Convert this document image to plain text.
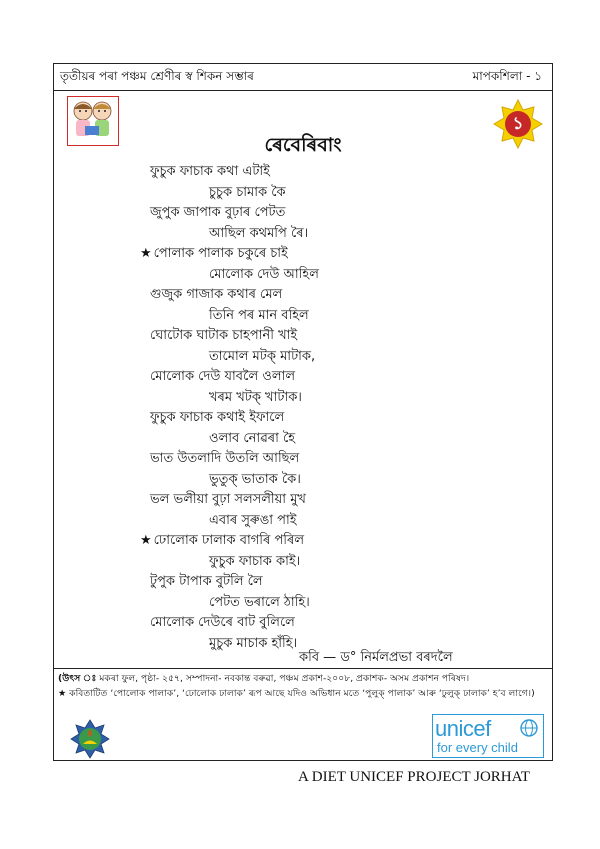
তৃতীয়ৰ পৰা পঞ্চম শ্ৰেণীৰ স্ব শিকন সম্ভাৰ	মাপকশিলা - ১
১
ৰেবেৰিবাং
ফুচুক ফাচাক কথা এটাই
চুচুক চামাক কৈ
জুপুক জাপাক বুঢ়াৰ পেটত
আছিল কথমপি ৰৈ।
★ পোলাক পালাক চকুৰে চাই
মোলোক দেউ আহিল
গুজুক গাজাক কথাৰ মেল
তিনি পৰ মান বহিল
ঘোটোক ঘাটাক চাহপানী খাই
তামোল মটক্ মাটাক,
মোলোক দেউ যাবলৈ ওলাল
খৰম খটক্ খাটাক।
ফুচুক ফাচাক কথাই ইফালে
ওলাব নোৱৰা হৈ
ভাত উতলাদি উতলি আছিল
ভুতুক্ ভাতাক কৈ।
ভল ভলীয়া বুঢ়া সলসলীয়া মুখ
এবাৰ সুৰুঙা পাই
★ ঢোলোক ঢালাক বাগৰি পৰিল
ফুচুক ফাচাক কাই।
টুপুক টাপাক বুটলি লৈ
পেটত ভৰালে ঠাহি।
মোলোক দেউৰে বাট বুলিলে
মুচুক মাচাক হাঁহি।
কবি — ড° নিৰ্মলপ্ৰভা বৰদলৈ
(উৎস ঃ মকৰা ফুল, পৃষ্ঠা- ২৫৭, সম্পাদনা- নবকান্ত বৰুৱা, পঞ্চম প্ৰকাশ-২০০৮, প্ৰকাশক- অসম প্ৰকাশন পৰিষদ।
★ কবিতাটিত ‘পোলোক পালাক’, ‘ঢোলোক ঢালাক’ ৰূপ আছে যদিও অভিধান মতে ‘পুলুক্ পালাক’ আৰু ‘ঢুলুক্ ঢালাক’ হ’ব লাগে।)
unicef
for every child
A DIET UNICEF PROJECT JORHAT
